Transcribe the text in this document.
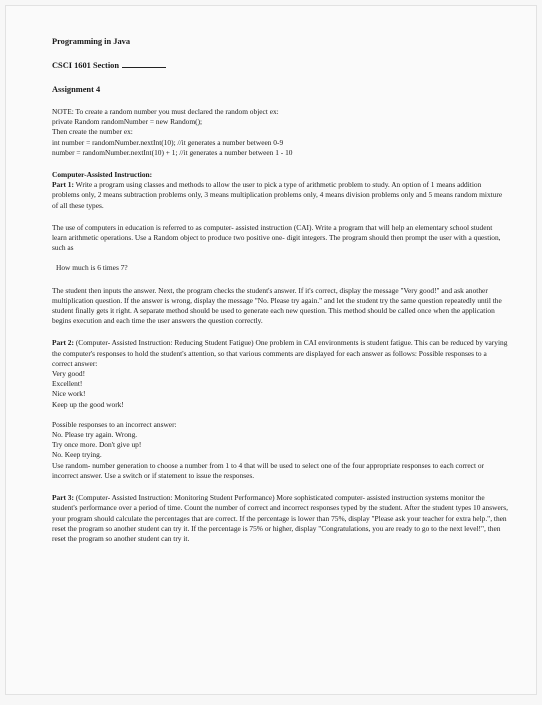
Programming in Java
CSCI 1601 Section
Assignment 4
NOTE: To create a random number you must declared the random object ex:
private Random randomNumber = new Random();
Then create the number ex:
int number = randomNumber.nextInt(10); //it generates a number between 0-9
number = randomNumber.nextInt(10) + 1; //it generates a number between 1 - 10
Computer-Assisted Instruction:

Part 1: Write a program using classes and methods to allow the user to pick a type of arithmetic problem to study. An option of 1 means addition problems only, 2 means subtraction problems only, 3 means multiplication problems only, 4 means division problems only and 5 means random mixture of all these types.

The use of computers in education is referred to as computer- assisted instruction (CAI). Write a program that will help an elementary school student learn arithmetic operations. Use a Random object to produce two positive one- digit integers. The program should then prompt the user with a question, such as

How much is 6 times 7?

The student then inputs the answer. Next, the program checks the student's answer. If it's correct, display the message "Very good!" and ask another multiplication question. If the answer is wrong, display the message "No. Please try again." and let the student try the same question repeatedly until the student finally gets it right. A separate method should be used to generate each new question. This method should be called once when the application begins execution and each time the user answers the question correctly.

Part 2: (Computer- Assisted Instruction: Reducing Student Fatigue) One problem in CAI environments is student fatigue. This can be reduced by varying the computer's responses to hold the student's attention, so that various comments are displayed for each answer as follows: Possible responses to a correct answer:

Very good!
Excellent!
Nice work!
Keep up the good work!
Possible responses to an incorrect answer:
No. Please try again. Wrong.
Try once more. Don't give up!
No. Keep trying.

Use random- number generation to choose a number from 1 to 4 that will be used to select one of the four appropriate responses to each correct or incorrect answer. Use a switch or if statement to issue the responses.

Part 3: (Computer- Assisted Instruction: Monitoring Student Performance) More sophisticated computer- assisted instruction systems monitor the student's performance over a period of time. Count the number of correct and incorrect responses typed by the student. After the student types 10 answers, your program should calculate the percentages that are correct. If the percentage is lower than 75%, display "Please ask your teacher for extra help.", then reset the program so another student can try it. If the percentage is 75% or higher, display "Congratulations, you are ready to go to the next level!", then reset the program so another student can try it.
